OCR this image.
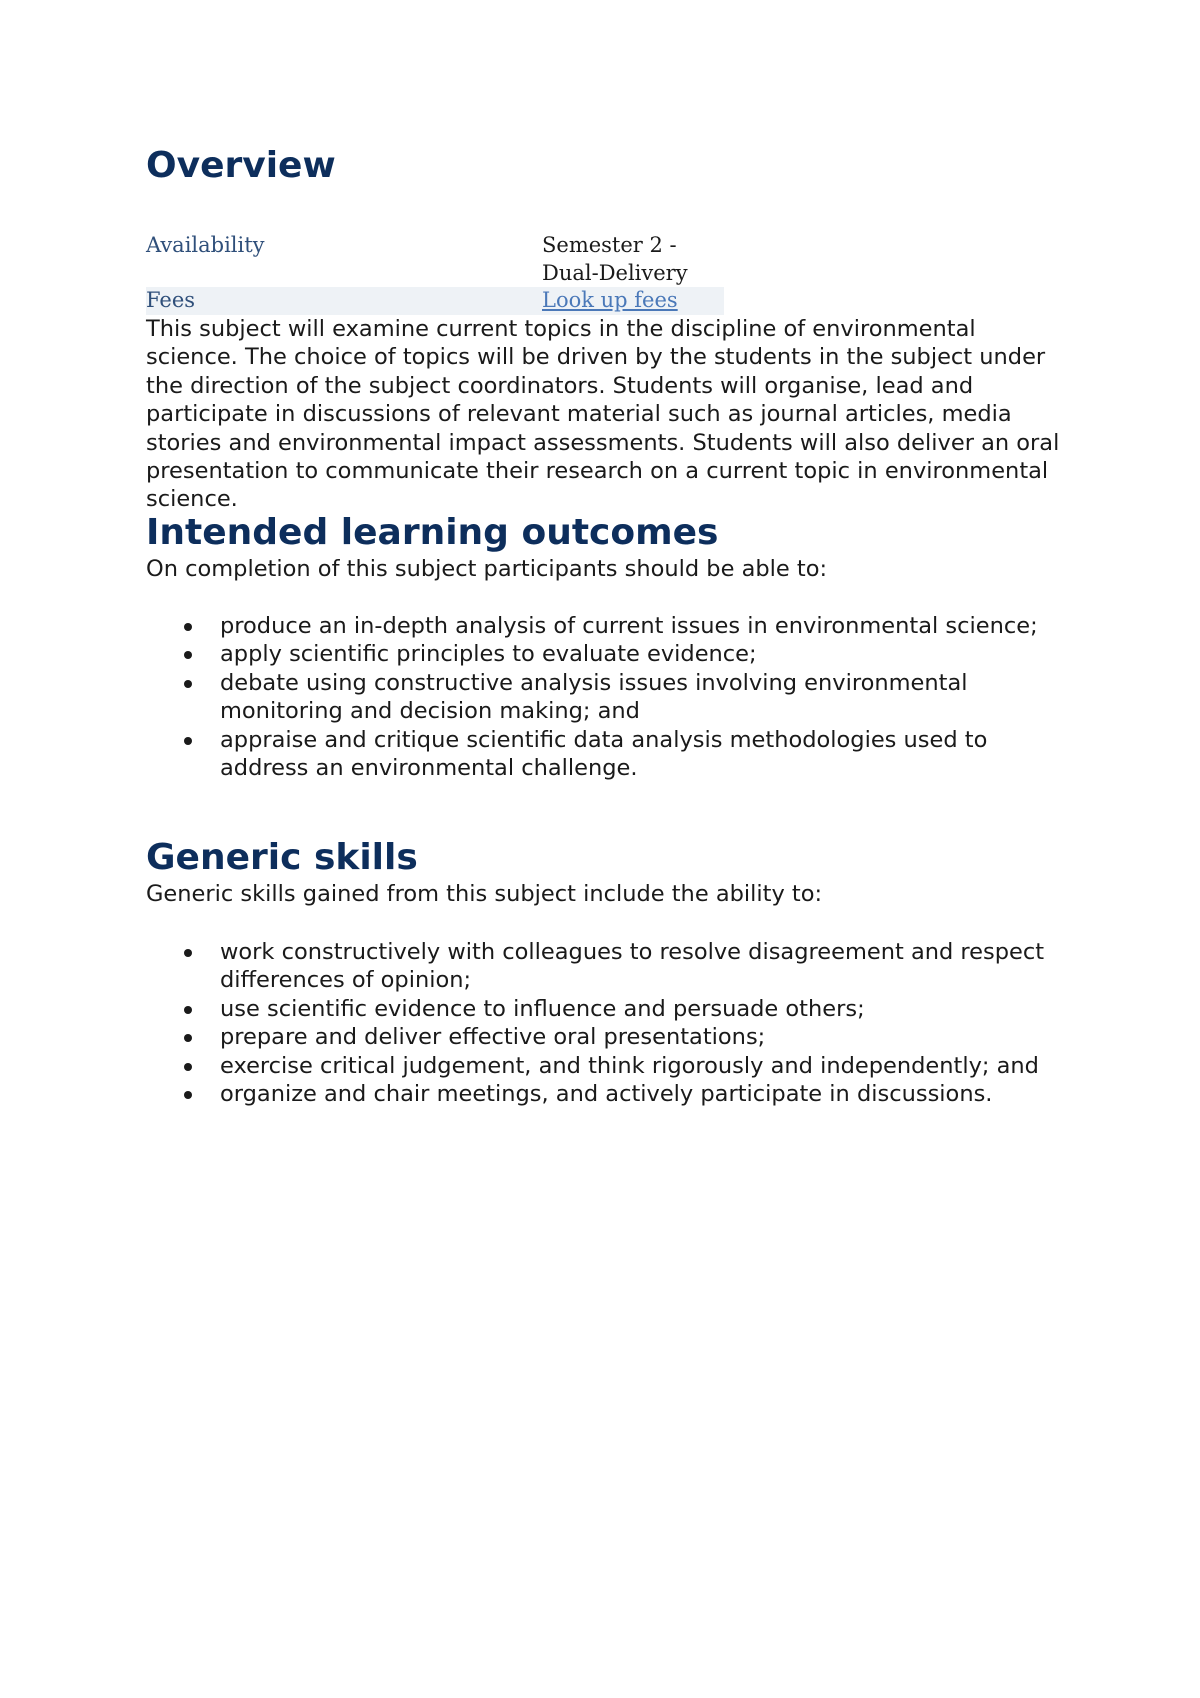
Overview
Availability	Semester 2 - Dual-Delivery
Fees	Look up fees

This subject will examine current topics in the discipline of environmental science. The choice of topics will be driven by the students in the subject under the direction of the subject coordinators. Students will organise, lead and participate in discussions of relevant material such as journal articles, media stories and environmental impact assessments. Students will also deliver an oral presentation to communicate their research on a current topic in environmental science.

Intended learning outcomes

On completion of this subject participants should be able to:

produce an in-depth analysis of current issues in environmental science;
apply scientific principles to evaluate evidence;
debate using constructive analysis issues involving environmental monitoring and decision making; and
appraise and critique scientific data analysis methodologies used to address an environmental challenge.
Generic skills

Generic skills gained from this subject include the ability to:

work constructively with colleagues to resolve disagreement and respect differences of opinion;
use scientific evidence to influence and persuade others;
prepare and deliver effective oral presentations;
exercise critical judgement, and think rigorously and independently; and
organize and chair meetings, and actively participate in discussions.
